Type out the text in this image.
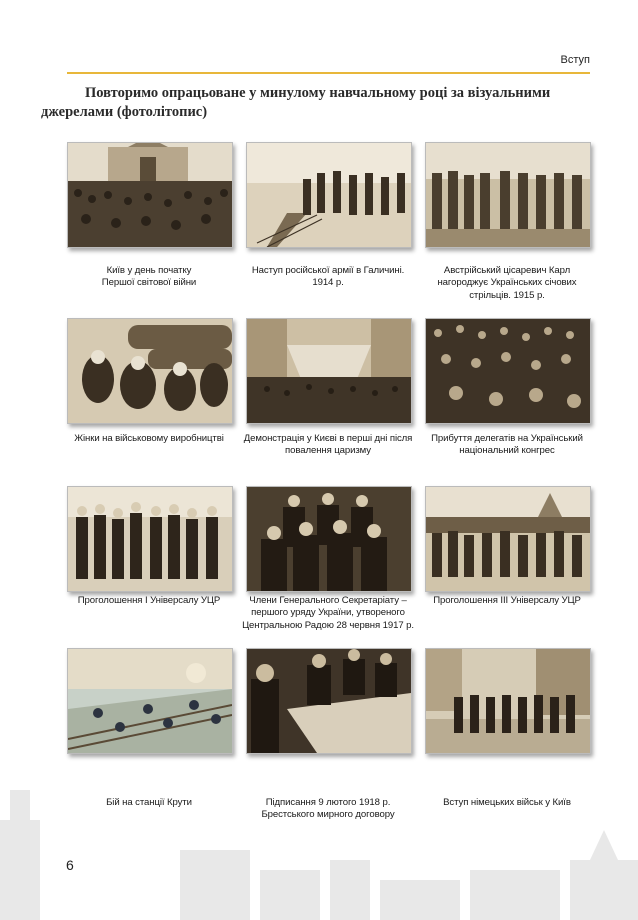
Вступ

Повторимо опрацьоване у минулому навчальному році за візуальними
джерелами (фотолітопис)

Київ у день початку
Першої світової війни
Наступ російської армії в Галичині.
1914 р.
Австрійський цісаревич Карл
нагороджує Українських січових
стрільців. 1915 р.
Жінки на військовому виробництві	Демонстрація у Києві в перші дні після
повалення царизму
Прибуття делегатів на Український
національний конгрес
Проголошення І Універсалу УЦР	Члени Генерального Секретаріату –
першого уряду України, утвореного
Центральною Радою 28 червня 1917 р.
Проголошення ІІІ Універсалу УЦР
Бій на станції Крути	Підписання 9 лютого 1918 р.
Брестського мирного договору
Вступ німецьких військ у Київ
6
